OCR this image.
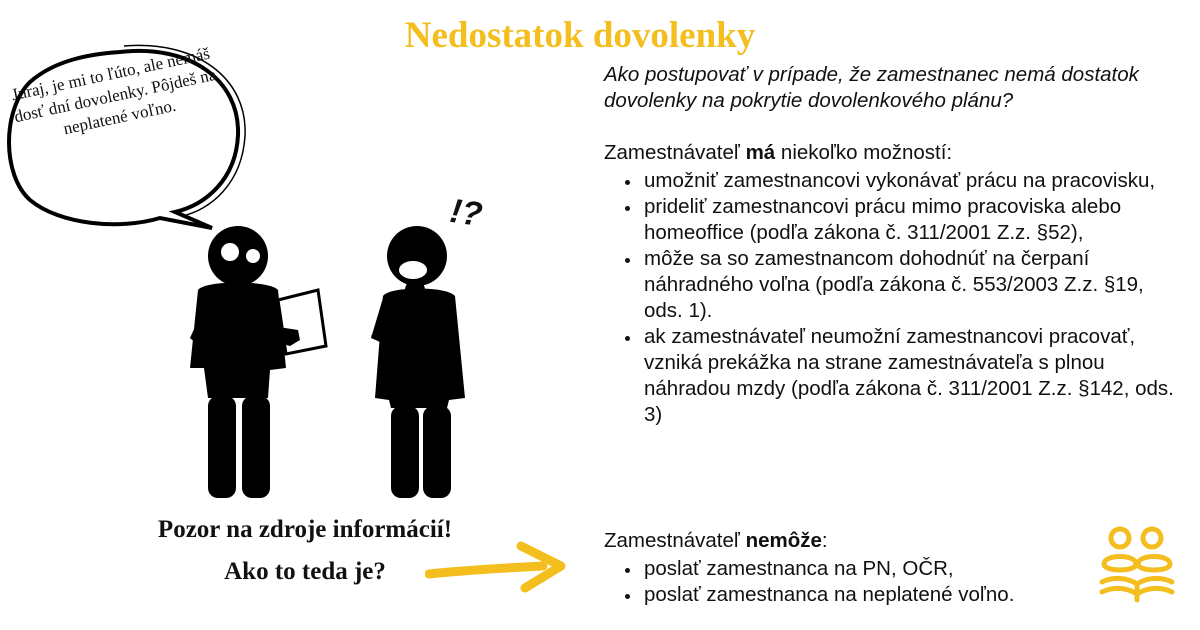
Nedostatok dovolenky
Juraj, je mi to ľúto, ale nemáš dosť dní dovolenky. Pôjdeš na neplatené voľno.
!?
Pozor na zdroje informácií!
Ako to teda je?
Ako postupovať v prípade, že zamestnanec nemá dostatok dovolenky na pokrytie dovolenkového plánu?
Zamestnávateľ má niekoľko možností:
• umožniť zamestnancovi vykonávať prácu na pracovisku,
• prideliť zamestnancovi prácu mimo pracoviska alebo homeoffice (podľa zákona č. 311/2001 Z.z. §52),
• môže sa so zamestnancom dohodnúť na čerpaní náhradného voľna (podľa zákona č. 553/2003 Z.z. §19, ods. 1).
• ak zamestnávateľ neumožní zamestnancovi pracovať, vzniká prekážka na strane zamestnávateľa s plnou náhradou mzdy (podľa zákona č. 311/2001 Z.z. §142, ods. 3)
Zamestnávateľ nemôže:
• poslať zamestnanca na PN, OČR,
• poslať zamestnanca na neplatené voľno.
